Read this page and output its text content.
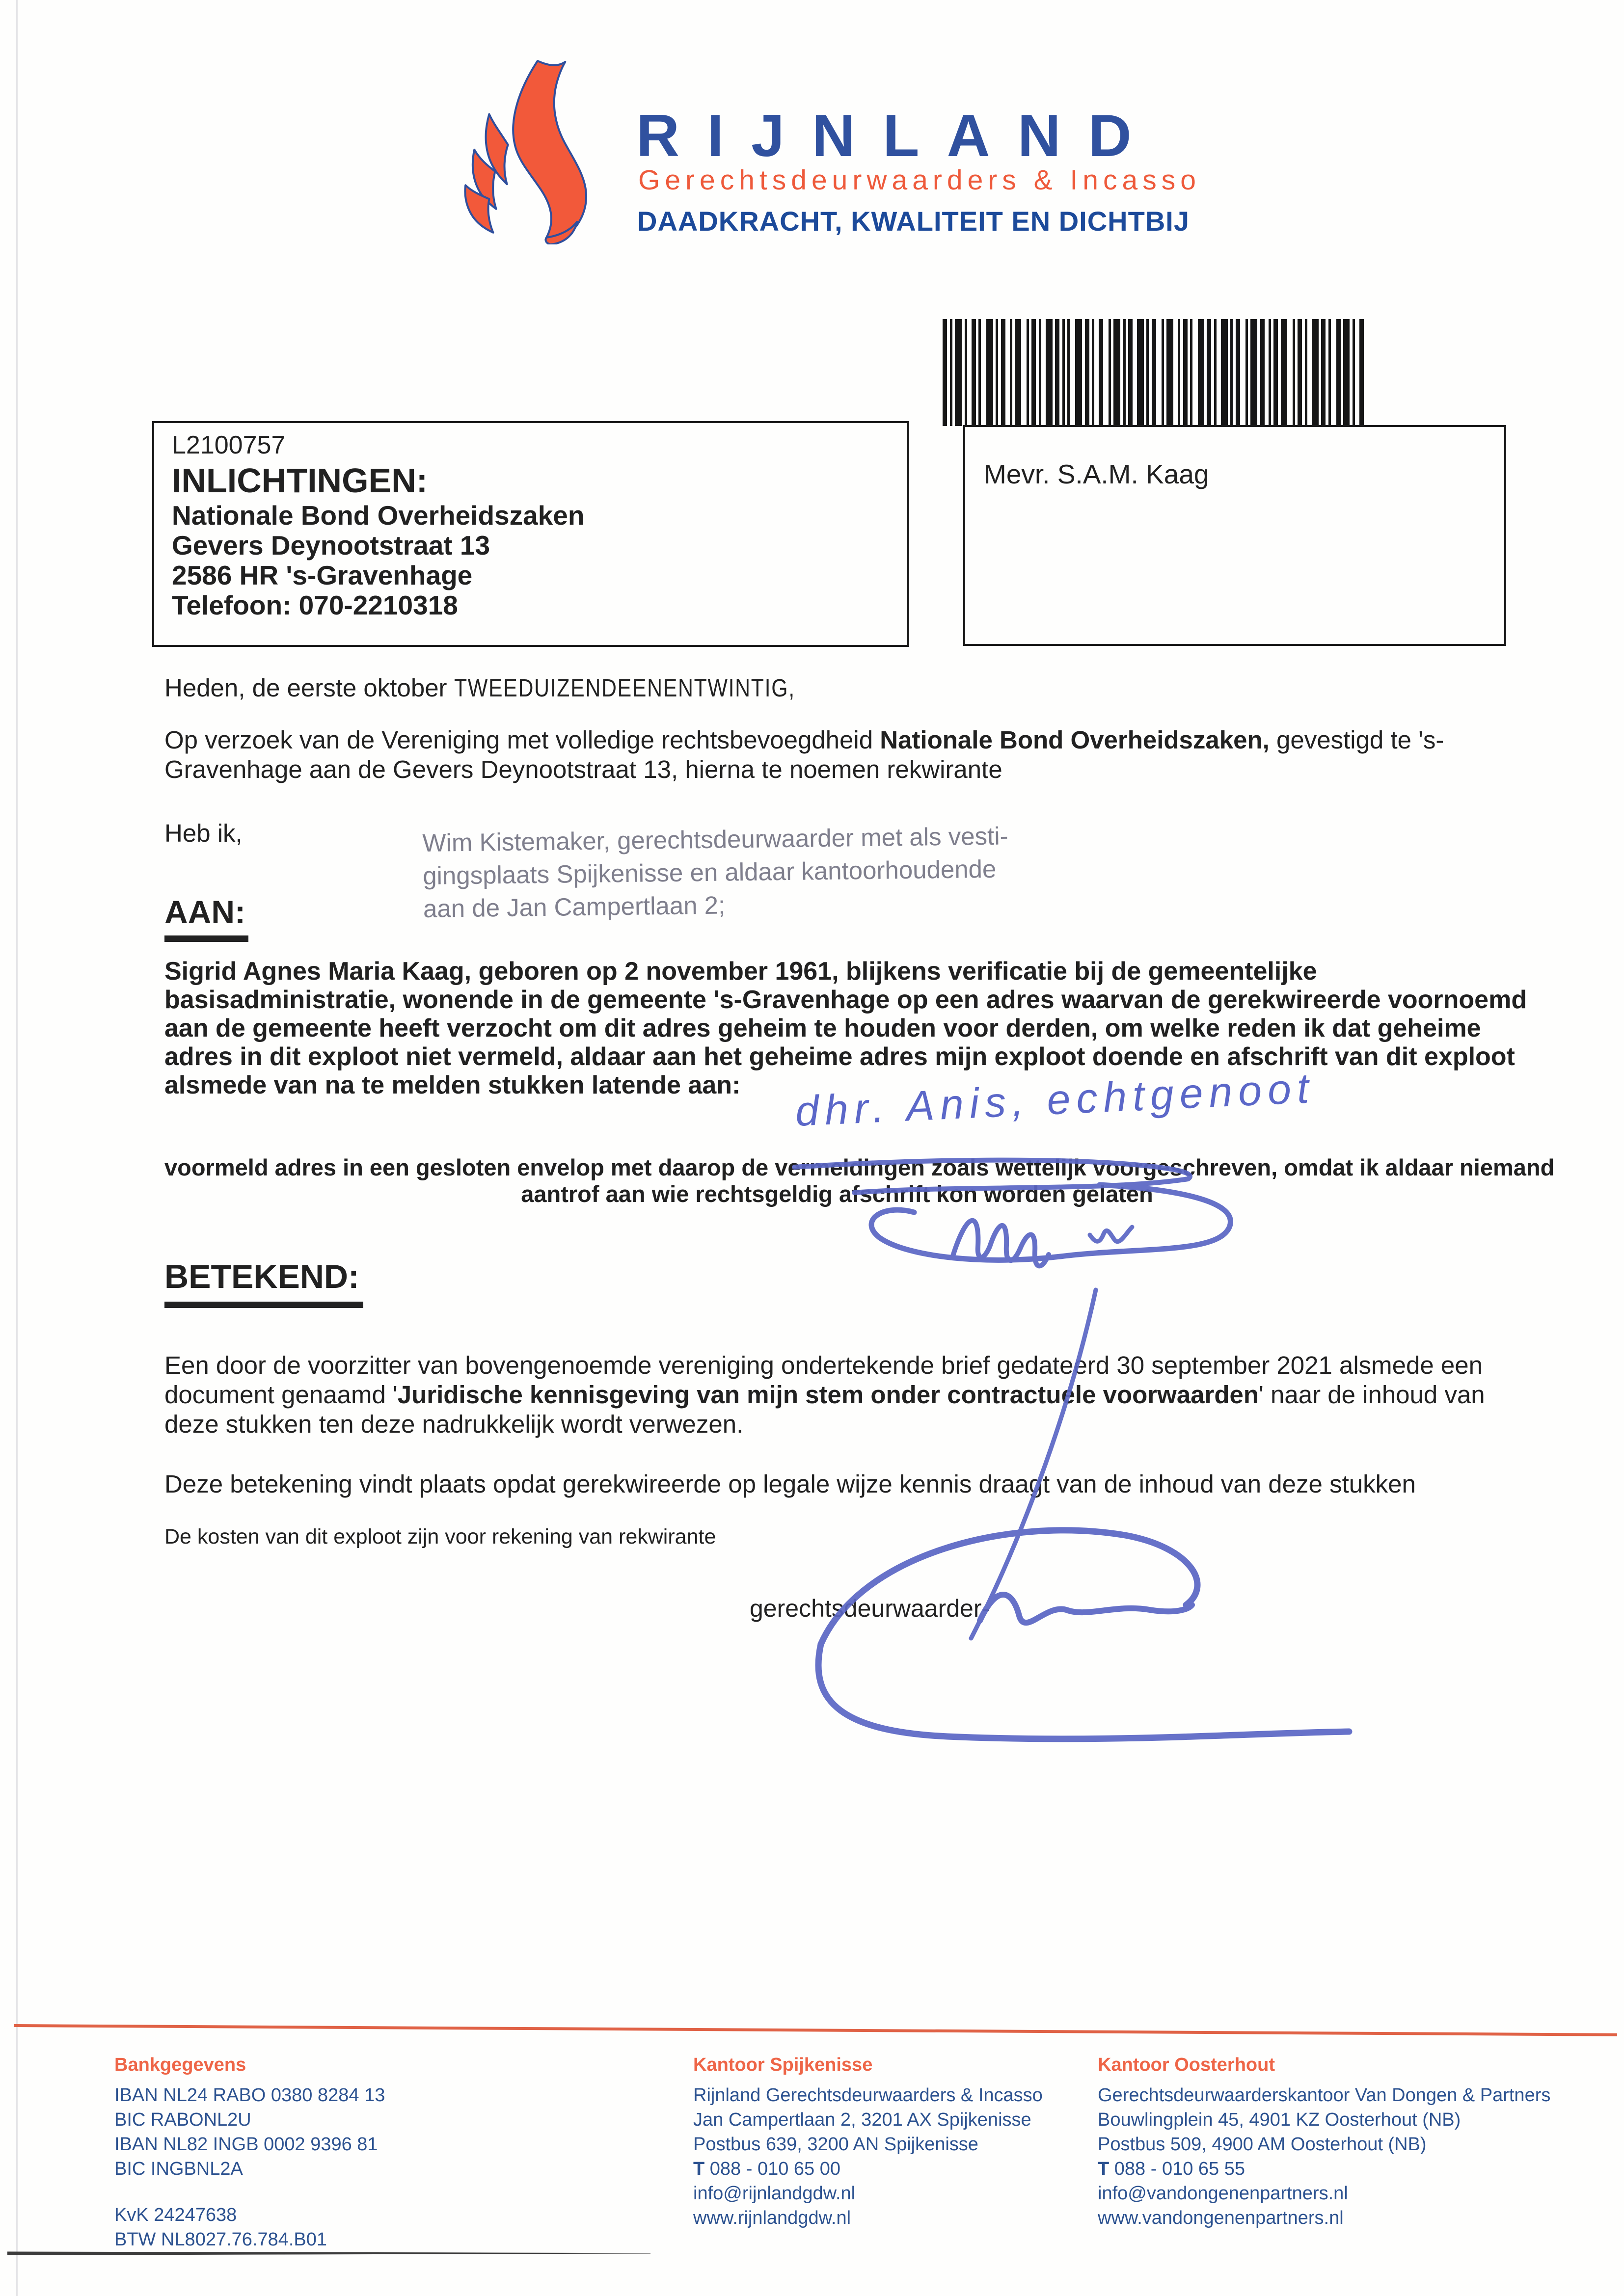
RIJNLAND
Gerechtsdeurwaarders & Incasso
DAADKRACHT, KWALITEIT EN DICHTBIJ
L2100757
INLICHTINGEN:
Nationale Bond Overheidszaken
Gevers Deynootstraat 13
2586 HR 's-Gravenhage
Telefoon: 070-2210318
Mevr. S.A.M. Kaag
Heden, de eerste oktober TWEEDUIZENDEENENTWINTIG,
Op verzoek van de Vereniging met volledige rechtsbevoegdheid Nationale Bond Overheidszaken, gevestigd te 's-
Gravenhage aan de Gevers Deynootstraat 13, hierna te noemen rekwirante
Heb ik,	Wim Kistemaker, gerechtsdeurwaarder met als vesti-
gingsplaats Spijkenisse en aldaar kantoorhoudende
aan de Jan Campertlaan 2;
AAN:
Sigrid Agnes Maria Kaag, geboren op 2 november 1961, blijkens verificatie bij de gemeentelijke
basisadministratie, wonende in de gemeente 's-Gravenhage op een adres waarvan de gerekwireerde voornoemd
aan de gemeente heeft verzocht om dit adres geheim te houden voor derden, om welke reden ik dat geheime
adres in dit exploot niet vermeld, aldaar aan het geheime adres mijn exploot doende en afschrift van dit exploot
alsmede van na te melden stukken latende aan:	dhr. Anis, echtgenoot
voormeld adres in een gesloten envelop met daarop de vermeldingen zoals wettelijk voorgeschreven, omdat ik aldaar niemand
aantrof aan wie rechtsgeldig afschrift kon worden gelaten
BETEKEND:
Een door de voorzitter van bovengenoemde vereniging ondertekende brief gedateerd 30 september 2021 alsmede een
document genaamd 'Juridische kennisgeving van mijn stem onder contractuele voorwaarden' naar de inhoud van
deze stukken ten deze nadrukkelijk wordt verwezen.
Deze betekening vindt plaats opdat gerekwireerde op legale wijze kennis draagt van de inhoud van deze stukken
De kosten van dit exploot zijn voor rekening van rekwirante
gerechtsdeurwaarder-
Bankgegevens
IBAN NL24 RABO 0380 8284 13
BIC RABONL2U
IBAN NL82 INGB 0002 9396 81
BIC INGBNL2A
KvK 24247638
BTW NL8027.76.784.B01
Kantoor Spijkenisse
Rijnland Gerechtsdeurwaarders & Incasso
Jan Campertlaan 2, 3201 AX Spijkenisse
Postbus 639, 3200 AN Spijkenisse
T 088 - 010 65 00
info@rijnlandgdw.nl
www.rijnlandgdw.nl
Kantoor Oosterhout
Gerechtsdeurwaarderskantoor Van Dongen & Partners
Bouwlingplein 45, 4901 KZ Oosterhout (NB)
Postbus 509, 4900 AM Oosterhout (NB)
T 088 - 010 65 55
info@vandongenenpartners.nl
www.vandongenenpartners.nl
